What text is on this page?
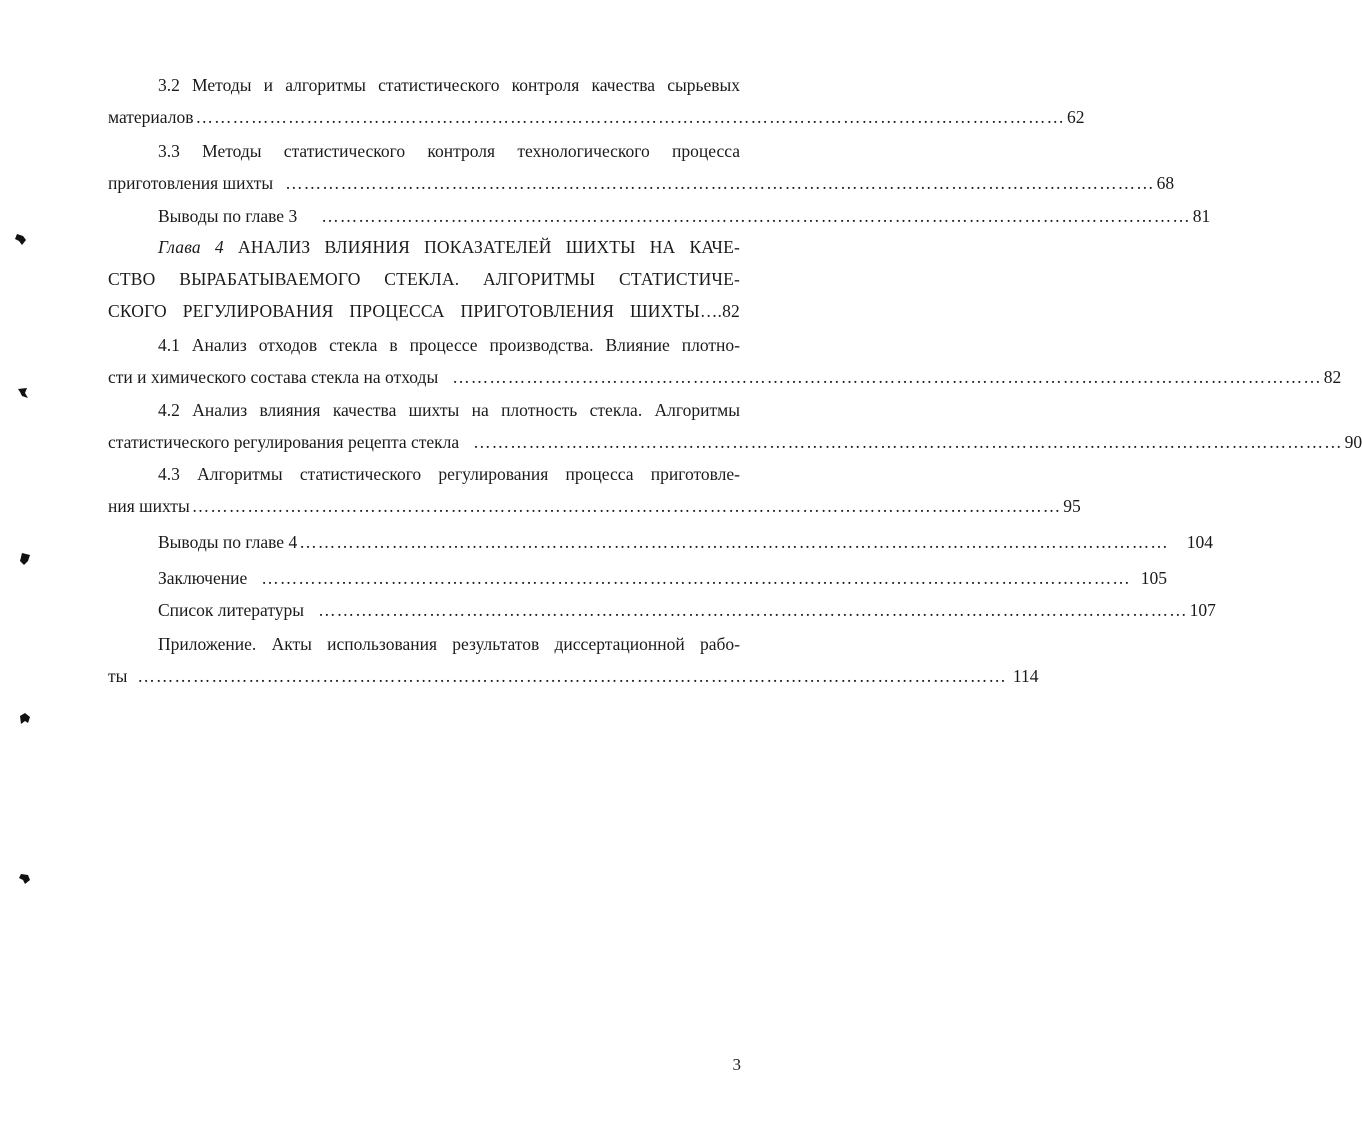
3.2 Методы и алгоритмы статистического контроля качества сырьевых
материалов …………………………………………………………………………………………………………………………… 62
3.3 Методы статистического контроля технологического процесса
приготовления шихты …………………………………………………………………………………………………………………………… 68
Выводы по главе 3 …………………………………………………………………………………………………………………………… 81
Глава 4 АНАЛИЗ ВЛИЯНИЯ ПОКАЗАТЕЛЕЙ ШИХТЫ НА КАЧЕ-
СТВО ВЫРАБАТЫВАЕМОГО СТЕКЛА. АЛГОРИТМЫ СТАТИСТИЧЕ-
СКОГО РЕГУЛИРОВАНИЯ ПРОЦЕССА ПРИГОТОВЛЕНИЯ ШИХТЫ….82
4.1 Анализ отходов стекла в процессе производства. Влияние плотно-
сти и химического состава стекла на отходы …………………………………………………………………………………………………………………………… 82
4.2 Анализ влияния качества шихты на плотность стекла. Алгоритмы
статистического регулирования рецепта стекла …………………………………………………………………………………………………………………………… 90
4.3 Алгоритмы статистического регулирования процесса приготовле-
ния шихты …………………………………………………………………………………………………………………………… 95
Выводы по главе 4 …………………………………………………………………………………………………………………………… 104
Заключение …………………………………………………………………………………………………………………………… 105
Список литературы …………………………………………………………………………………………………………………………… 107
Приложение. Акты использования результатов диссертационной рабо-
ты …………………………………………………………………………………………………………………………… 114
3
